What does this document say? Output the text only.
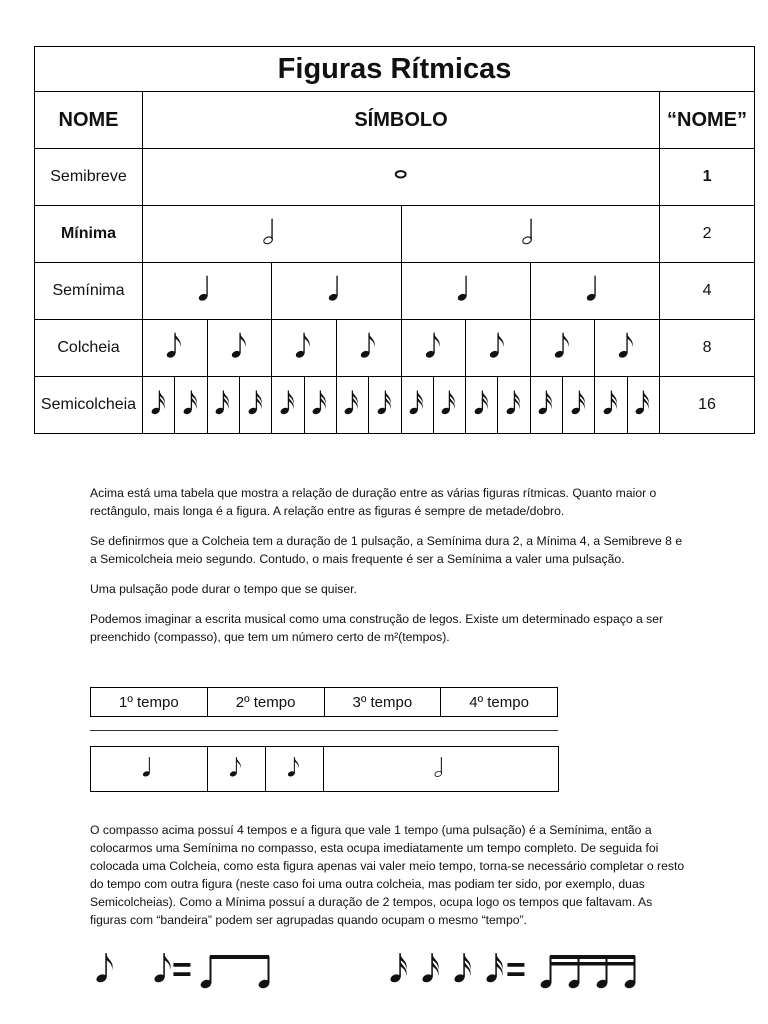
Figuras Rítmicas		
NOME	SÍMBOLO	“NOME”
Semibreve		1
Mínima		2
Semínima		4
Colcheia		8
Semicolcheia		16
Acima está uma tabela que mostra a relação de duração entre as várias figuras rítmicas. Quanto maior o rectângulo, mais longa é a figura. A relação entre as figuras é sempre de metade/dobro.
Se definirmos que a Colcheia tem a duração de 1 pulsação, a Semínima dura 2, a Mínima 4, a Semibreve 8 e a Semicolcheia meio segundo. Contudo, o mais frequente é ser a Semínima a valer uma pulsação.
Uma pulsação pode durar o tempo que se quiser.
Podemos imaginar a escrita musical como uma construção de legos. Existe um determinado espaço a ser preenchido (compasso), que tem um número certo de m²(tempos).
1º tempo	2º tempo	3º tempo	4º tempo

O compasso acima possuí 4 tempos e a figura que vale 1 tempo (uma pulsação) é a Semínima, então a colocarmos uma Semínima no compasso, esta ocupa imediatamente um tempo completo. De seguida foi colocada uma Colcheia, como esta figura apenas vai valer meio tempo, torna-se necessário completar o resto do tempo com outra figura (neste caso foi uma outra colcheia, mas podiam ter sido, por exemplo, duas Semicolcheias). Como a Mínima possuí a duração de 2 tempos, ocupa logo os tempos que faltavam. As figuras com “bandeira” podem ser agrupadas quando ocupam o mesmo “tempo”.
=	=
